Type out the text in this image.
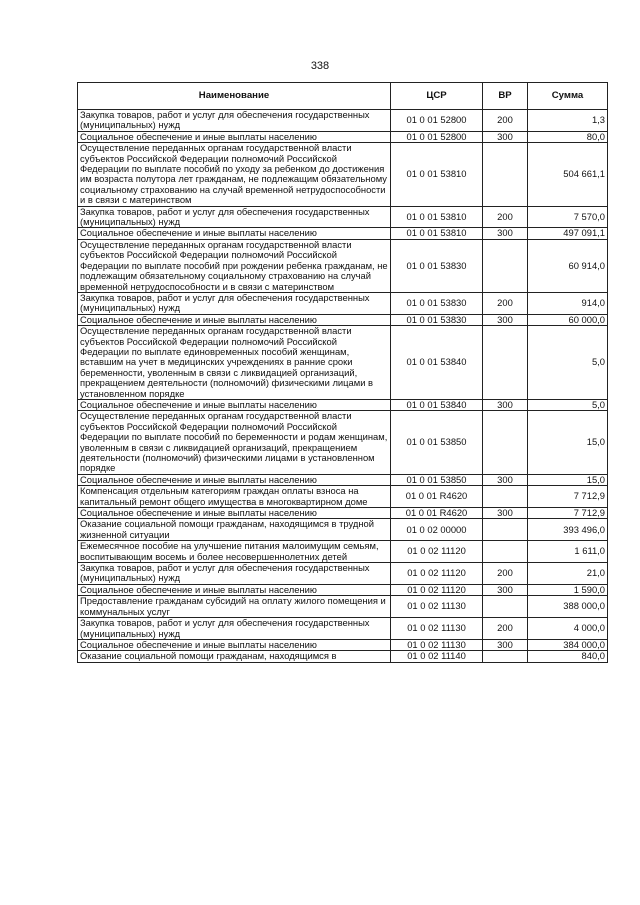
338
Наименование	ЦСР	ВР	Сумма
Закупка товаров, работ и услуг для обеспечения государственных (муниципальных) нужд	01 0 01 52800	200	1,3
Социальное обеспечение и иные выплаты населению	01 0 01 52800	300	80,0
Осуществление переданных органам государственной власти субъектов Российской Федерации полномочий Российской Федерации по выплате пособий по уходу за ребенком до достижения им возраста полутора лет гражданам, не подлежащим обязательному социальному страхованию на случай временной нетрудоспособности и в связи с материнством	01 0 01 53810		504 661,1
Закупка товаров, работ и услуг для обеспечения государственных (муниципальных) нужд	01 0 01 53810	200	7 570,0
Социальное обеспечение и иные выплаты населению	01 0 01 53810	300	497 091,1
Осуществление переданных органам государственной власти субъектов Российской Федерации полномочий Российской Федерации по выплате пособий при рождении ребенка гражданам, не подлежащим обязательному социальному страхованию на случай временной нетрудоспособности и в связи с материнством	01 0 01 53830		60 914,0
Закупка товаров, работ и услуг для обеспечения государственных (муниципальных) нужд	01 0 01 53830	200	914,0
Социальное обеспечение и иные выплаты населению	01 0 01 53830	300	60 000,0
Осуществление переданных органам государственной власти субъектов Российской Федерации полномочий Российской Федерации по выплате единовременных пособий женщинам, вставшим на учет в медицинских учреждениях в ранние сроки беременности, уволенным в связи с ликвидацией организаций, прекращением деятельности (полномочий) физическими лицами в установленном порядке	01 0 01 53840		5,0
Социальное обеспечение и иные выплаты населению	01 0 01 53840	300	5,0
Осуществление переданных органам государственной власти субъектов Российской Федерации полномочий Российской Федерации по выплате пособий по беременности и родам женщинам, уволенным в связи с ликвидацией организаций, прекращением деятельности (полномочий) физическими лицами в установленном порядке	01 0 01 53850		15,0
Социальное обеспечение и иные выплаты населению	01 0 01 53850	300	15,0
Компенсация отдельным категориям граждан оплаты взноса на капитальный ремонт общего имущества в многоквартирном доме	01 0 01 R4620		7 712,9
Социальное обеспечение и иные выплаты населению	01 0 01 R4620	300	7 712,9
Оказание социальной помощи гражданам, находящимся в трудной жизненной ситуации	01 0 02 00000		393 496,0
Ежемесячное пособие на улучшение питания малоимущим семьям, воспитывающим восемь и более несовершеннолетних детей	01 0 02 11120		1 611,0
Закупка товаров, работ и услуг для обеспечения государственных (муниципальных) нужд	01 0 02 11120	200	21,0
Социальное обеспечение и иные выплаты населению	01 0 02 11120	300	1 590,0
Предоставление гражданам субсидий на оплату жилого помещения и коммунальных услуг	01 0 02 11130		388 000,0
Закупка товаров, работ и услуг для обеспечения государственных (муниципальных) нужд	01 0 02 11130	200	4 000,0
Социальное обеспечение и иные выплаты населению	01 0 02 11130	300	384 000,0
Оказание социальной помощи гражданам, находящимся в	01 0 02 11140		840,0
